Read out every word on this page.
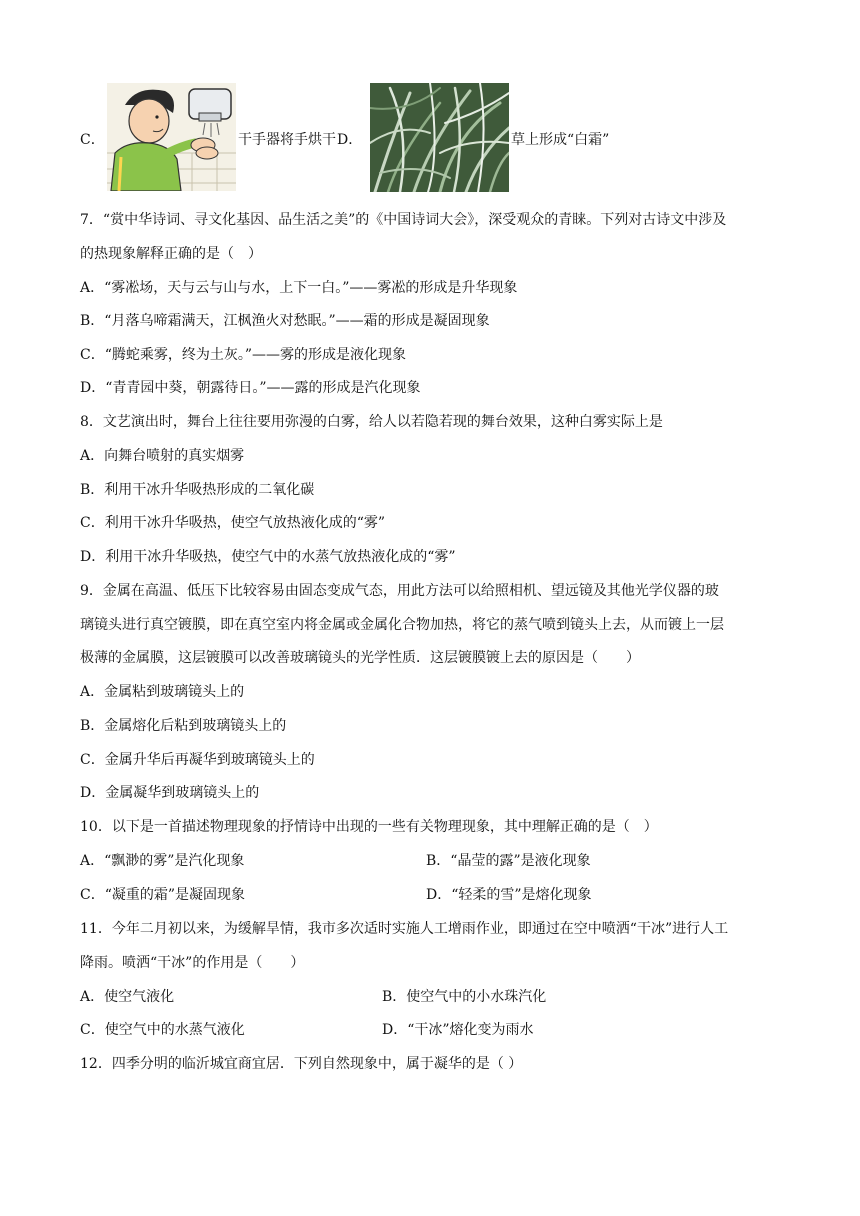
C．	干手器将手烘干 D．	草上形成“白霜”
7．“赏中华诗词、寻文化基因、品生活之美”的《中国诗词大会》，深受观众的青睐。下列对古诗文中涉及
的热现象解释正确的是（　）
A．“雾凇场，天与云与山与水，上下一白。”——雾凇的形成是升华现象
B．“月落乌啼霜满天，江枫渔火对愁眠。”——霜的形成是凝固现象
C．“腾蛇乘雾，终为土灰。”——雾的形成是液化现象
D．“青青园中葵，朝露待日。”——露的形成是汽化现象
8．文艺演出时，舞台上往往要用弥漫的白雾，给人以若隐若现的舞台效果，这种白雾实际上是
A．向舞台喷射的真实烟雾
B．利用干冰升华吸热形成的二氧化碳
C．利用干冰升华吸热，使空气放热液化成的“雾”
D．利用干冰升华吸热，使空气中的水蒸气放热液化成的“雾”
9．金属在高温、低压下比较容易由固态变成气态，用此方法可以给照相机、望远镜及其他光学仪器的玻
璃镜头进行真空镀膜，即在真空室内将金属或金属化合物加热，将它的蒸气喷到镜头上去，从而镀上一层
极薄的金属膜，这层镀膜可以改善玻璃镜头的光学性质．这层镀膜镀上去的原因是（　　）
A．金属粘到玻璃镜头上的
B．金属熔化后粘到玻璃镜头上的
C．金属升华后再凝华到玻璃镜头上的
D．金属凝华到玻璃镜头上的
10．以下是一首描述物理现象的抒情诗中出现的一些有关物理现象，其中理解正确的是（　）
A．“飘渺的雾”是汽化现象	B．“晶莹的露”是液化现象
C．“凝重的霜”是凝固现象	D．“轻柔的雪”是熔化现象
11．今年二月初以来，为缓解旱情，我市多次适时实施人工增雨作业，即通过在空中喷洒“干冰”进行人工
降雨。喷洒“干冰”的作用是（　　）
A．使空气液化	B．使空气中的小水珠汽化
C．使空气中的水蒸气液化	D．“干冰”熔化变为雨水
12．四季分明的临沂城宜商宜居．下列自然现象中，属于凝华的是（ ）
